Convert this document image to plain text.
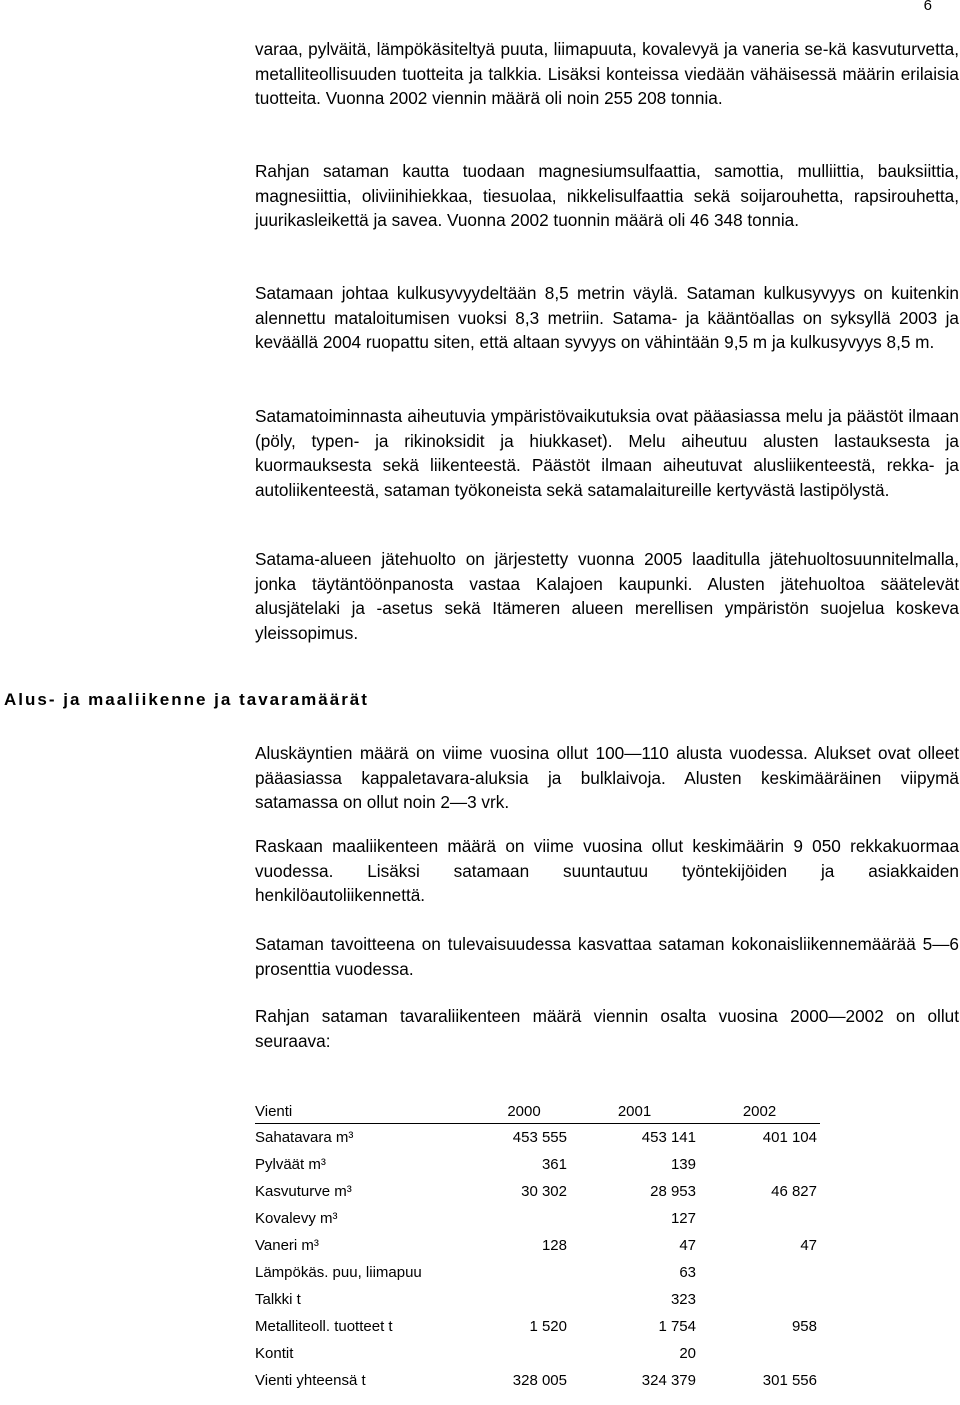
6

varaa, pylväitä, lämpökäsiteltyä puuta, liimapuuta, kovalevyä ja vaneria se-kä kasvuturvetta, metalliteollisuuden tuotteita ja talkkia. Lisäksi konteissa viedään vähäisessä määrin erilaisia tuotteita. Vuonna 2002 viennin määrä oli noin 255 208 tonnia.

Rahjan sataman kautta tuodaan magnesiumsulfaattia, samottia, mulliittia, bauksiittia, magnesiittia, oliviinihiekkaa, tiesuolaa, nikkelisulfaattia sekä soijarouhetta, rapsirouhetta, juurikasleikettä ja savea. Vuonna 2002 tuonnin määrä oli 46 348 tonnia.

Satamaan johtaa kulkusyvyydeltään 8,5 metrin väylä. Sataman kulkusyvyys on kuitenkin alennettu mataloitumisen vuoksi 8,3 metriin. Satama- ja kääntöallas on syksyllä 2003 ja keväällä 2004 ruopattu siten, että altaan syvyys on vähintään 9,5 m ja kulkusyvyys 8,5 m.

Satamatoiminnasta aiheutuvia ympäristövaikutuksia ovat pääasiassa melu ja päästöt ilmaan (pöly, typen- ja rikinoksidit ja hiukkaset). Melu aiheutuu alusten lastauksesta ja kuormauksesta sekä liikenteestä. Päästöt ilmaan aiheutuvat alusliikenteestä, rekka- ja autoliikenteestä, sataman työkoneista sekä satamalaitureille kertyvästä lastipölystä.

Satama-alueen jätehuolto on järjestetty vuonna 2005 laaditulla jätehuoltosuunnitelmalla, jonka täytäntöönpanosta vastaa Kalajoen kaupunki. Alusten jätehuoltoa säätelevät alusjätelaki ja -asetus sekä Itämeren alueen merellisen ympäristön suojelua koskeva yleissopimus.

Alus- ja maaliikenne ja tavaramäärät

Aluskäyntien määrä on viime vuosina ollut 100—110 alusta vuodessa. Alukset ovat olleet pääasiassa kappaletavara-aluksia ja bulklaivoja. Alusten keskimääräinen viipymä satamassa on ollut noin 2—3 vrk.

Raskaan maaliikenteen määrä on viime vuosina ollut keskimäärin 9 050 rekkakuormaa vuodessa. Lisäksi satamaan suuntautuu työntekijöiden ja asiakkaiden henkilöautoliikennettä.

Sataman tavoitteena on tulevaisuudessa kasvattaa sataman kokonaisliikennemäärää 5—6 prosenttia vuodessa.

Rahjan sataman tavaraliikenteen määrä viennin osalta vuosina 2000—2002 on ollut seuraava:

Vienti	2000	2001	2002
Sahatavara m³	453 555	453 141	401 104
Pylväät m³	361	139	
Kasvuturve m³	30 302	28 953	46 827
Kovalevy m³		127	
Vaneri m³	128	47	47
Lämpökäs. puu, liimapuu		63	
Talkki t		323	
Metalliteoll. tuotteet t	1 520	1 754	958
Kontit		20	
Vienti yhteensä t	328 005	324 379	301 556
